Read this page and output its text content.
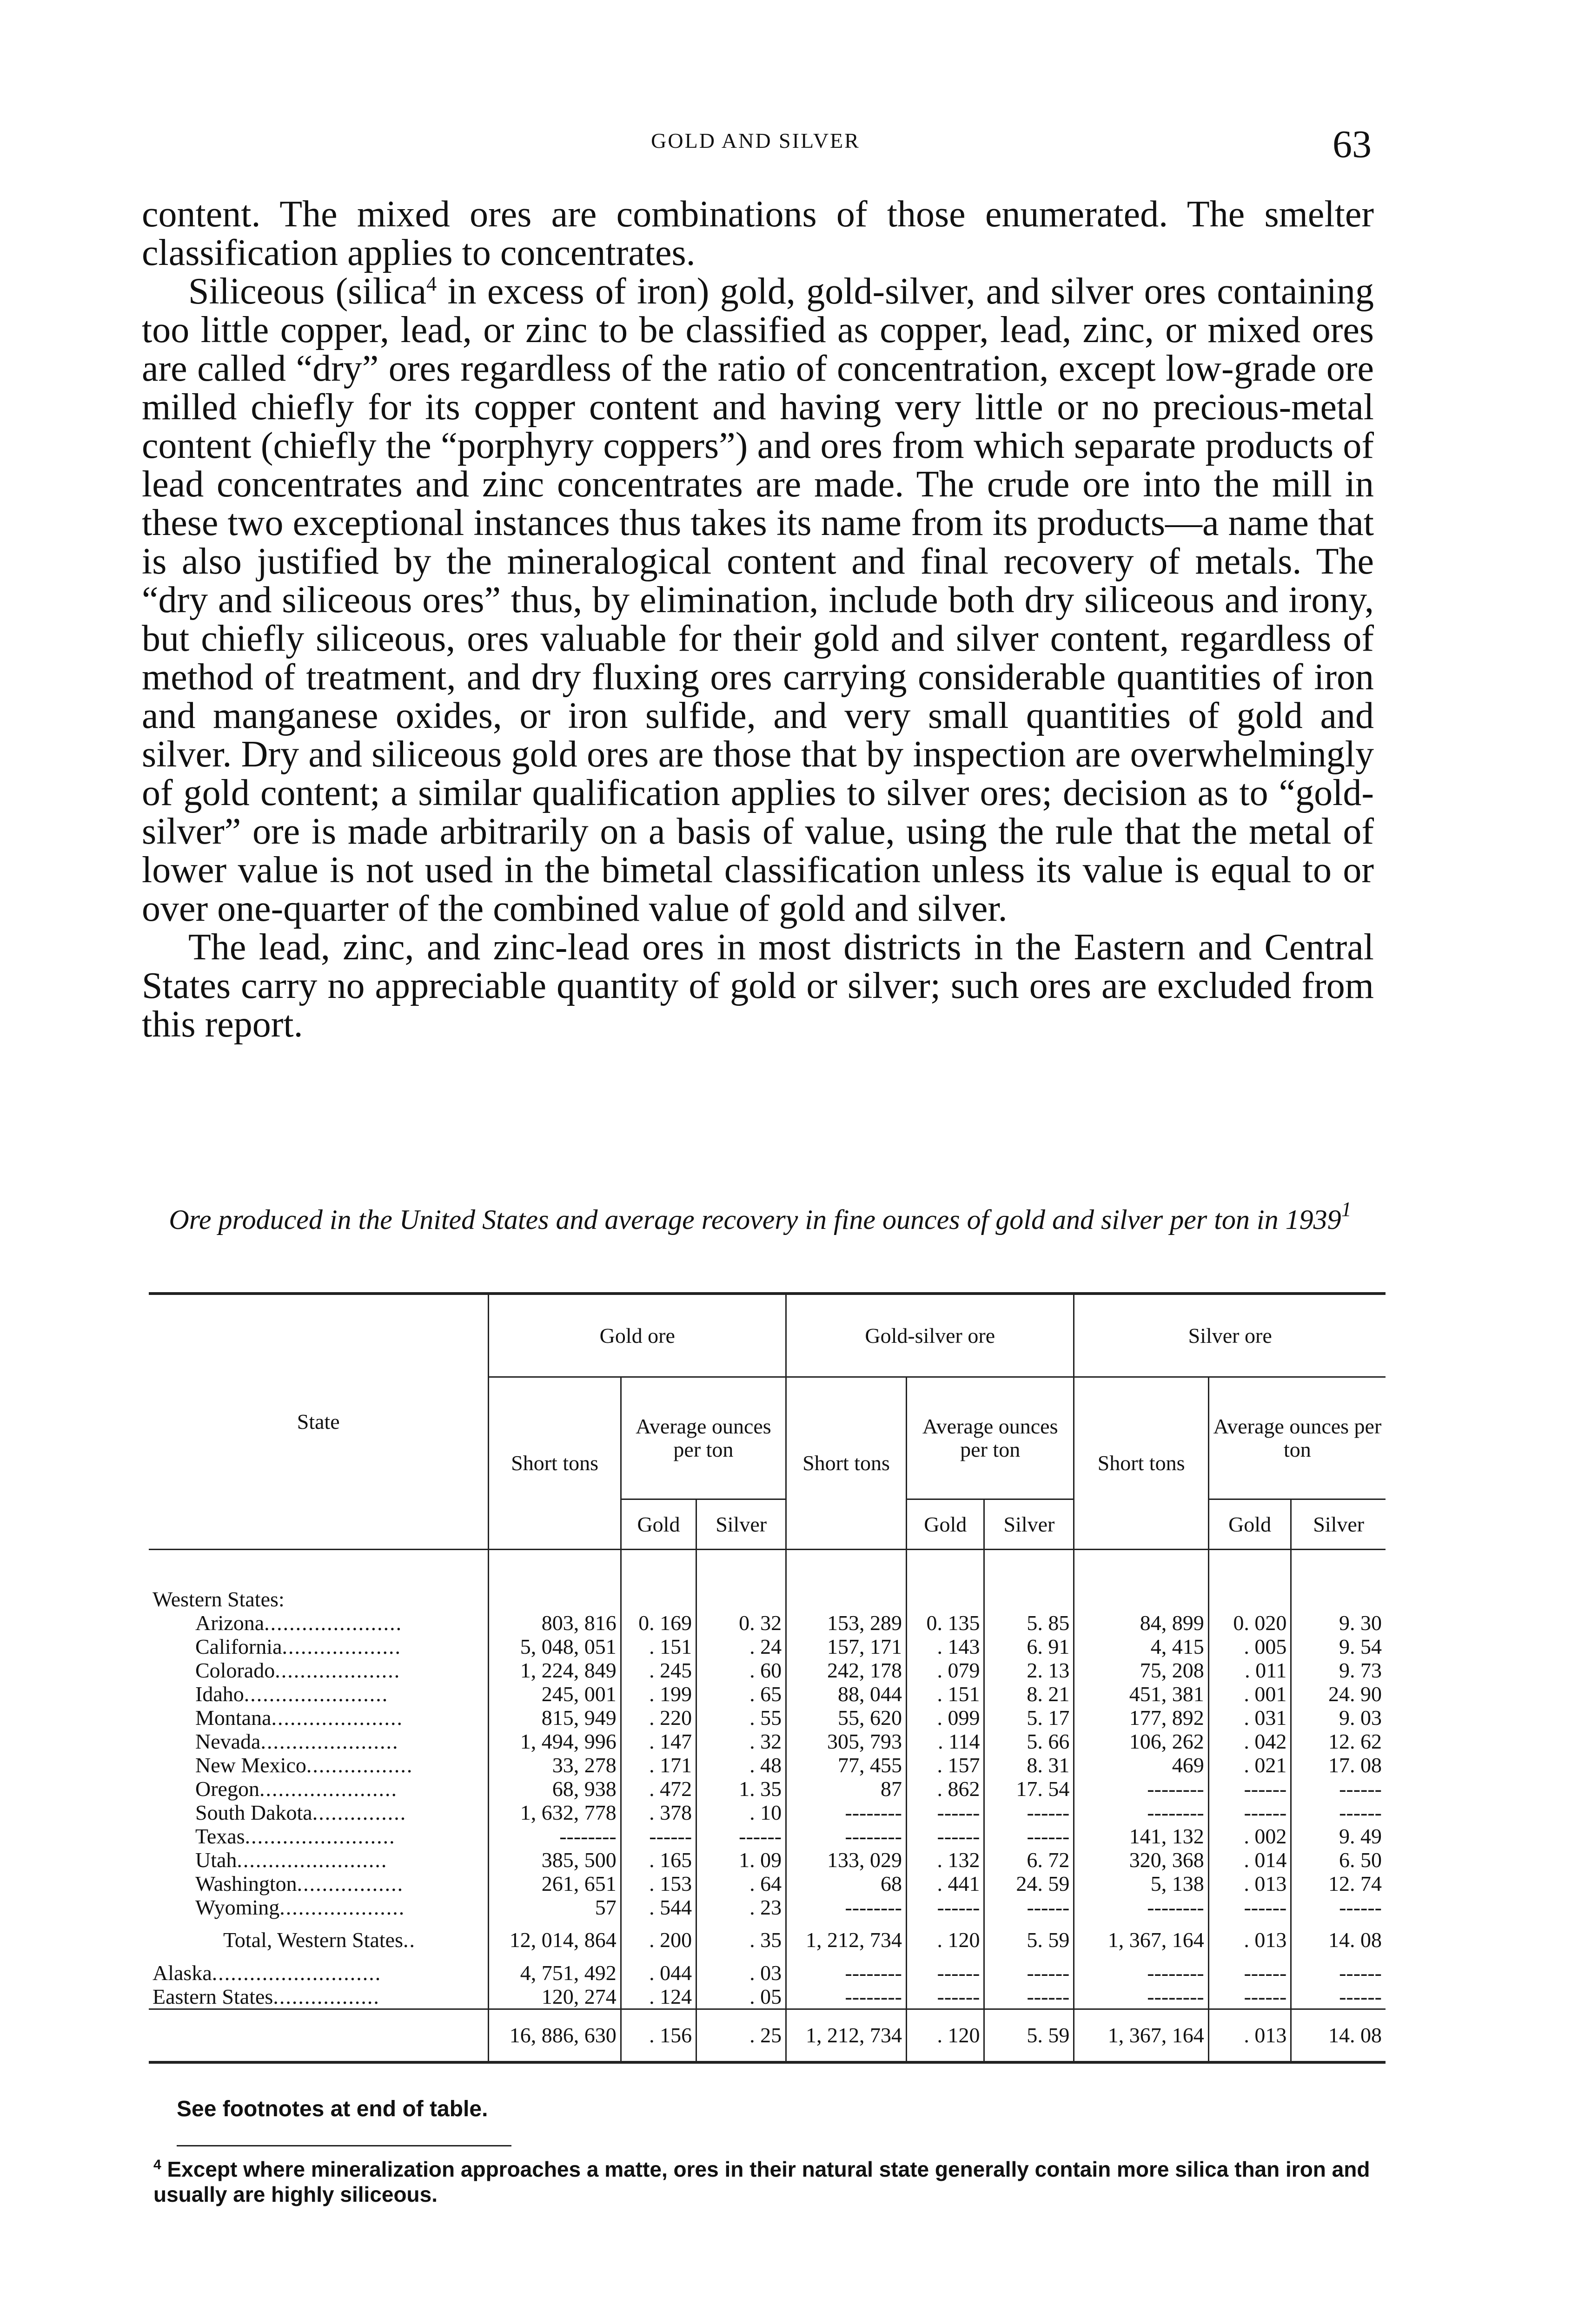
GOLD AND SILVER	63

content. The mixed ores are combinations of those enumerated. The smelter classification applies to concentrates.

Siliceous (silica$^4$ in excess of iron) gold, gold-silver, and silver ores containing too little copper, lead, or zinc to be classified as copper, lead, zinc, or mixed ores are called “dry” ores regardless of the ratio of concentration, except low-grade ore milled chiefly for its copper content and having very little or no precious-metal content (chiefly the “porphyry coppers”) and ores from which separate products of lead concentrates and zinc concentrates are made. The crude ore into the mill in these two exceptional instances thus takes its name from its products—a name that is also justified by the mineralogical content and final recovery of metals. The “dry and siliceous ores” thus, by elimination, include both dry siliceous and irony, but chiefly siliceous, ores valuable for their gold and silver content, regardless of method of treatment, and dry fluxing ores carrying considerable quantities of iron and manganese oxides, or iron sulfide, and very small quantities of gold and silver. Dry and siliceous gold ores are those that by inspection are overwhelmingly of gold content; a similar qualification applies to silver ores; decision as to “gold-silver” ore is made arbitrarily on a basis of value, using the rule that the metal of lower value is not used in the bimetal classification unless its value is equal to or over one-quarter of the combined value of gold and silver.

The lead, zinc, and zinc-lead ores in most districts in the Eastern and Central States carry no appreciable quantity of gold or silver; such ores are excluded from this report.

Ore produced in the United States and average recovery in fine ounces of gold and silver per ton in 1939$^1$
State	Gold ore			Gold-silver ore			Silver ore		
	Short tons	Average ounces per ton		Short tons	Average ounces per ton		Short tons	Average ounces per ton	
		Gold	Silver		Gold	Silver		Gold	Silver

Western States:									
Arizona......................	803, 816	0. 169	0. 32	153, 289	0. 135	5. 85	84, 899	0. 020	9. 30
California...................	5, 048, 051	. 151	. 24	157, 171	. 143	6. 91	4, 415	. 005	9. 54
Colorado....................	1, 224, 849	. 245	. 60	242, 178	. 079	2. 13	75, 208	. 011	9. 73
Idaho.......................	245, 001	. 199	. 65	88, 044	. 151	8. 21	451, 381	. 001	24. 90
Montana.....................	815, 949	. 220	. 55	55, 620	. 099	5. 17	177, 892	. 031	9. 03
Nevada......................	1, 494, 996	. 147	. 32	305, 793	. 114	5. 66	106, 262	. 042	12. 62
New Mexico.................	33, 278	. 171	. 48	77, 455	. 157	8. 31	469	. 021	17. 08
Oregon......................	68, 938	. 472	1. 35	87	. 862	17. 54	--------	------	------
South Dakota...............	1, 632, 778	. 378	. 10	--------	------	------	--------	------	------
Texas........................	--------	------	------	--------	------	------	141, 132	. 002	9. 49
Utah........................	385, 500	. 165	1. 09	133, 029	. 132	6. 72	320, 368	. 014	6. 50
Washington.................	261, 651	. 153	. 64	68	. 441	24. 59	5, 138	. 013	12. 74
Wyoming....................	57	. 544	. 23	--------	------	------	--------	------	------
Total, Western States..	12, 014, 864	. 200	. 35	1, 212, 734	. 120	5. 59	1, 367, 164	. 013	14. 08
Alaska...........................	4, 751, 492	. 044	. 03	--------	------	------	--------	------	------
Eastern States.................	120, 274	. 124	. 05	--------	------	------	--------	------	------
	16, 886, 630	. 156	. 25	1, 212, 734	. 120	5. 59	1, 367, 164	. 013	14. 08
See footnotes at end of table.
$^4$ Except where mineralization approaches a matte, ores in their natural state generally contain more silica than iron and usually are highly siliceous.
